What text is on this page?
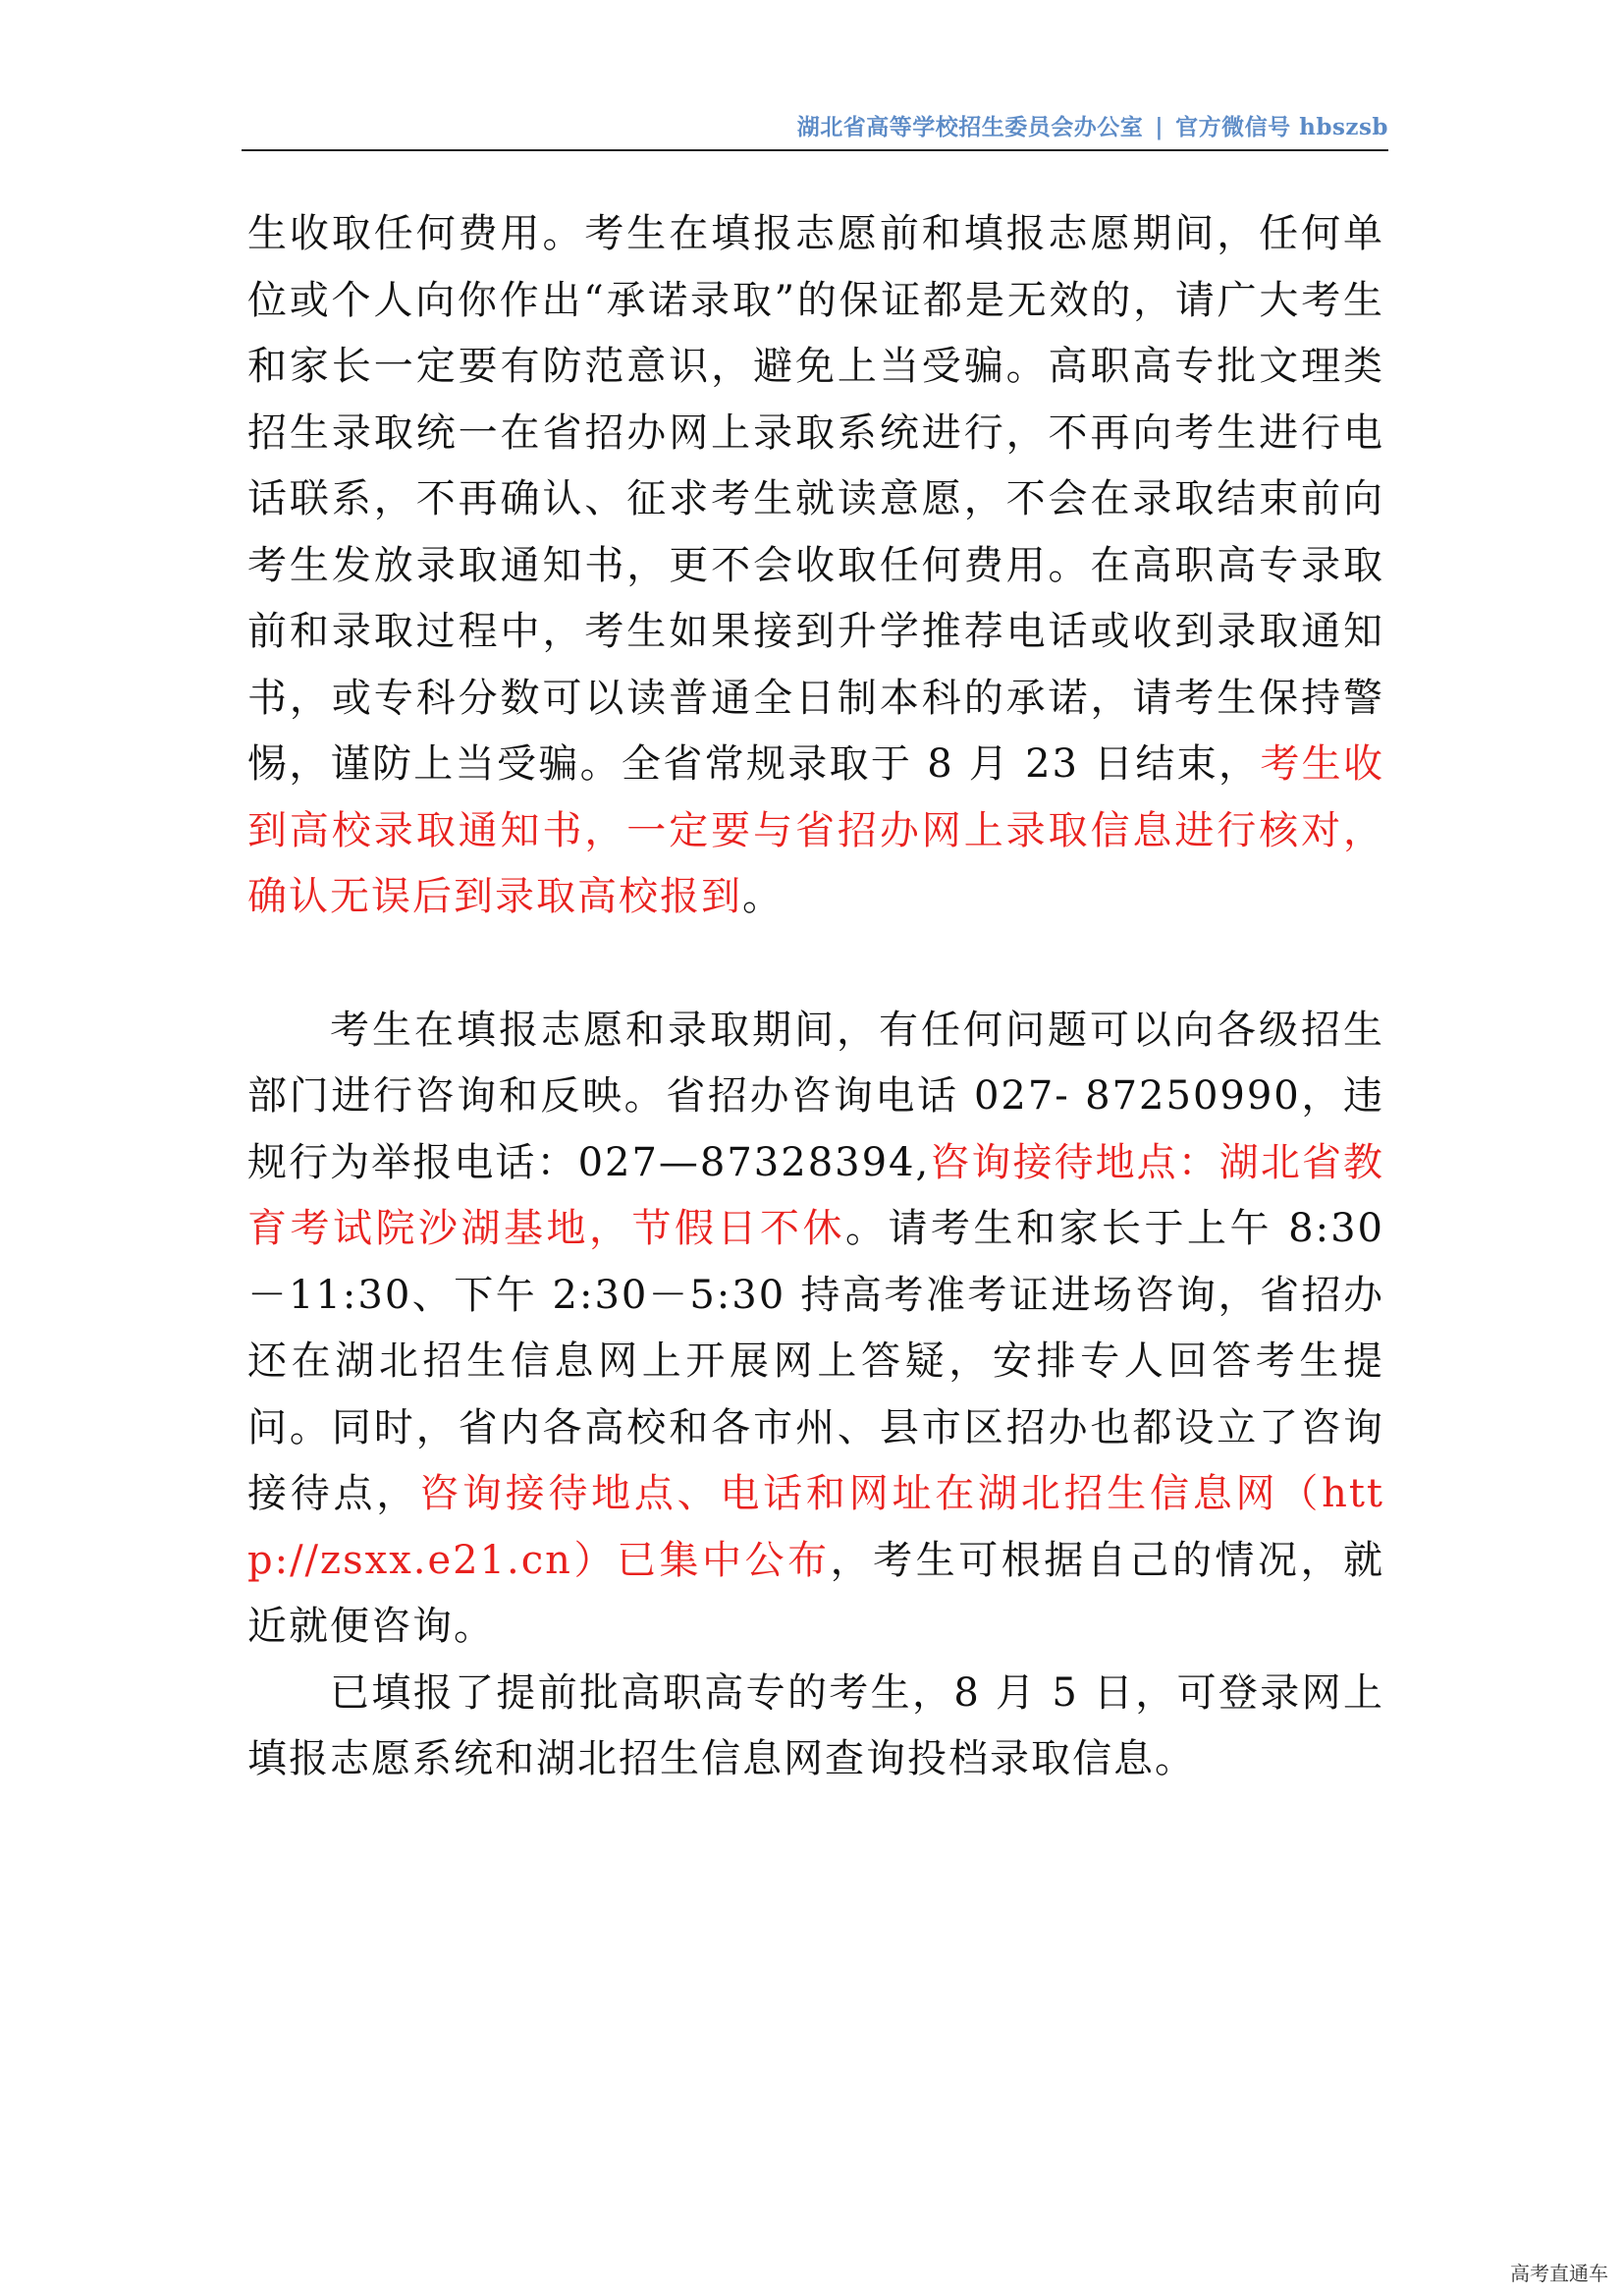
湖北省高等学校招生委员会办公室 | 官方微信号 hbszsb

生收取任何费用。考生在填报志愿前和填报志愿期间，任何单位或个人向你作出“承诺录取”的保证都是无效的，请广大考生和家长一定要有防范意识，避免上当受骗。高职高专批文理类招生录取统一在省招办网上录取系统进行，不再向考生进行电话联系，不再确认、征求考生就读意愿，不会在录取结束前向考生发放录取通知书，更不会收取任何费用。在高职高专录取前和录取过程中，考生如果接到升学推荐电话或收到录取通知书，或专科分数可以读普通全日制本科的承诺，请考生保持警惕，谨防上当受骗。全省常规录取于 8 月 23 日结束，考生收到高校录取通知书，一定要与省招办网上录取信息进行核对，确认无误后到录取高校报到。

考生在填报志愿和录取期间，有任何问题可以向各级招生部门进行咨询和反映。省招办咨询电话 027- 87250990，违规行为举报电话：027—87328394,咨询接待地点：湖北省教育考试院沙湖基地，节假日不休。请考生和家长于上午 8:30－11:30、下午 2:30－5:30 持高考准考证进场咨询，省招办还在湖北招生信息网上开展网上答疑，安排专人回答考生提问。同时，省内各高校和各市州、县市区招办也都设立了咨询接待点，咨询接待地点、电话和网址在湖北招生信息网（http://zsxx.e21.cn）已集中公布，考生可根据自己的情况，就近就便咨询。

已填报了提前批高职高专的考生，8 月 5 日，可登录网上填报志愿系统和湖北招生信息网查询投档录取信息。

高考直通车
